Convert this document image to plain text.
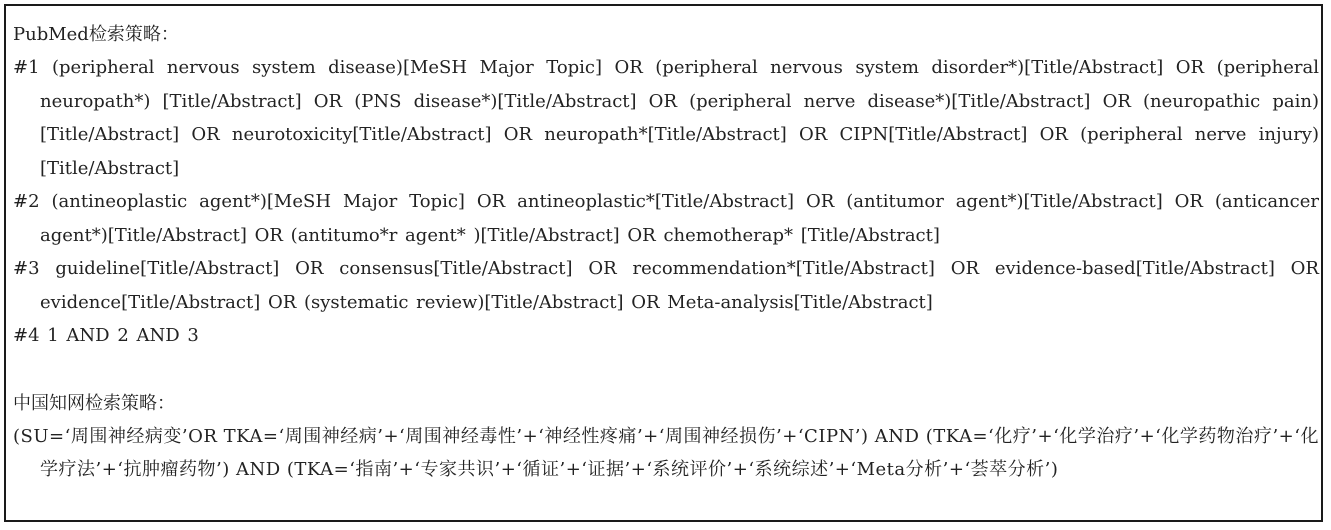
PubMed检索策略：
#1 (peripheral nervous system disease)[MeSH Major Topic] OR (peripheral nervous system disorder*)[Title/Abstract] OR (peripheral neuropath*) [Title/Abstract] OR (PNS disease*)[Title/Abstract] OR (peripheral nerve disease*)[Title/Abstract] OR (neuropathic pain)[Title/Abstract] OR neurotoxicity[Title/Abstract] OR neuropath*[Title/Abstract] OR CIPN[Title/Abstract] OR (peripheral nerve injury)[Title/Abstract]
#2 (antineoplastic agent*)[MeSH Major Topic] OR antineoplastic*[Title/Abstract] OR (antitumor agent*)[Title/Abstract] OR (anticancer agent*)[Title/Abstract] OR (antitumo*r agent* )[Title/Abstract] OR chemotherap* [Title/Abstract]
#3 guideline[Title/Abstract] OR consensus[Title/Abstract] OR recommendation*[Title/Abstract] OR evidence-based[Title/Abstract] OR evidence[Title/Abstract] OR (systematic review)[Title/Abstract] OR Meta-analysis[Title/Abstract]
#4 1 AND 2 AND 3
中国知网检索策略：
(SU=‘周围神经病变’OR TKA=‘周围神经病’+‘周围神经毒性’+‘神经性疼痛’+‘周围神经损伤’+‘CIPN’) AND (TKA=‘化疗’+‘化学治疗’+‘化学药物治疗’+‘化学疗法’+‘抗肿瘤药物’) AND (TKA=‘指南’+‘专家共识’+‘循证’+‘证据’+‘系统评价’+‘系统综述’+‘Meta分析’+‘荟萃分析’)
